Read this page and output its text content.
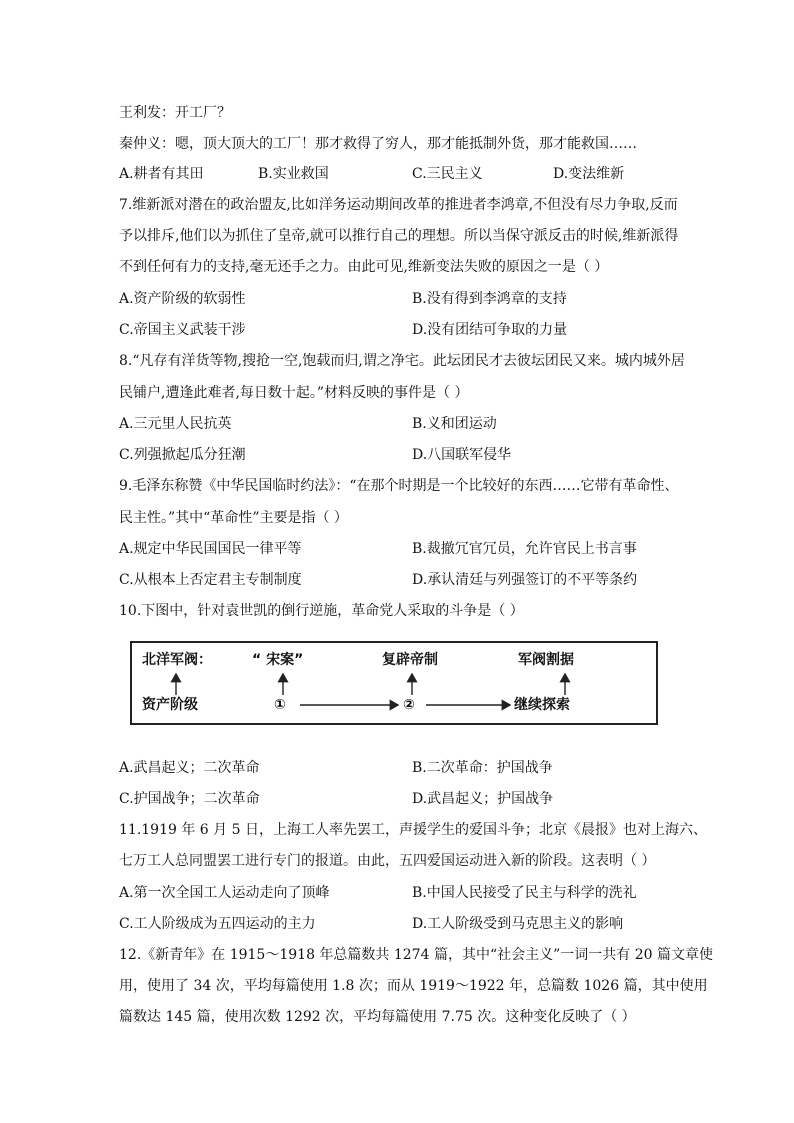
王利发：开工厂？
秦仲义：嗯，顶大顶大的工厂！那才救得了穷人，那才能抵制外货，那才能救国……
A.耕者有其田	B.实业救国	C.三民主义	D.变法维新
7.维新派对潜在的政治盟友,比如洋务运动期间改革的推进者李鸿章,不但没有尽力争取,反而
予以排斥,他们以为抓住了皇帝,就可以推行自己的理想。所以当保守派反击的时候,维新派得
不到任何有力的支持,毫无还手之力。由此可见,维新变法失败的原因之一是（ ）
A.资产阶级的软弱性	B.没有得到李鸿章的支持
C.帝国主义武装干涉	D.没有团结可争取的力量
8.“凡存有洋货等物,搜抢一空,饱载而归,谓之净宅。此坛团民才去彼坛团民又来。城内城外居
民铺户,遭逢此难者,每日数十起。”材料反映的事件是（ ）
A.三元里人民抗英	B.义和团运动
C.列强掀起瓜分狂潮	D.八国联军侵华
9.毛泽东称赞《中华民国临时约法》：“在那个时期是一个比较好的东西……它带有革命性、
民主性。”其中“革命性”主要是指（ ）
A.规定中华民国国民一律平等	B.裁撤冗官冗员，允许官民上书言事
C.从根本上否定君主专制制度	D.承认清廷与列强签订的不平等条约
10.下图中，针对袁世凯的倒行逆施，革命党人采取的斗争是（ ）
北洋军阀：	“ 宋案”	复辟帝制	军阀割据
资产阶级	①	②	继续探索
A.武昌起义；二次革命	B.二次革命：护国战争
C.护国战争；二次革命	D.武昌起义；护国战争
11.1919 年 6 月 5 日，上海工人率先罢工，声援学生的爱国斗争；北京《晨报》也对上海六、
七万工人总同盟罢工进行专门的报道。由此，五四爱国运动进入新的阶段。这表明（ ）
A.第一次全国工人运动走向了顶峰	B.中国人民接受了民主与科学的洗礼
C.工人阶级成为五四运动的主力	D.工人阶级受到马克思主义的影响
12.《新青年》在 1915～1918 年总篇数共 1274 篇，其中“社会主义”一词一共有 20 篇文章使
用，使用了 34 次，平均每篇使用 1.8 次；而从 1919～1922 年，总篇数 1026 篇，其中使用
篇数达 145 篇，使用次数 1292 次，平均每篇使用 7.75 次。这种变化反映了（ ）
